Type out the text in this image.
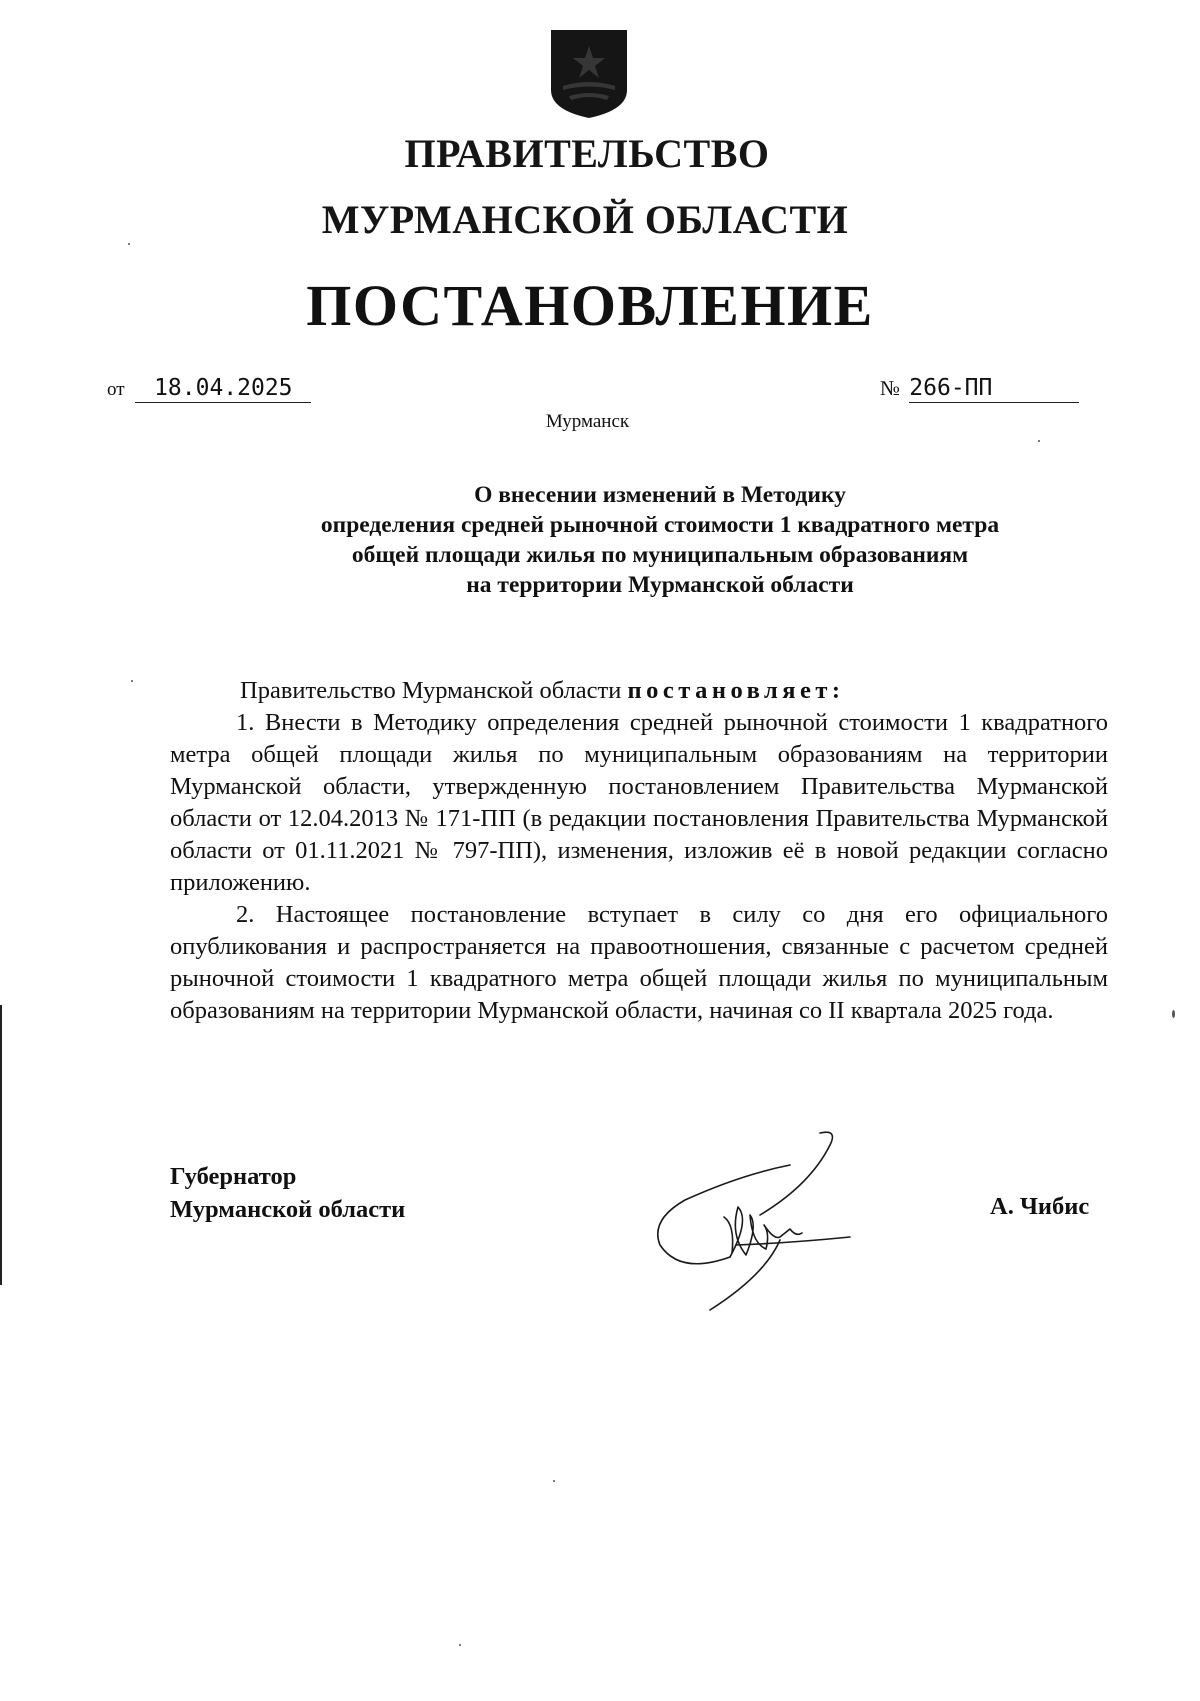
ПРАВИТЕЛЬСТВО
МУРМАНСКОЙ ОБЛАСТИ
ПОСТАНОВЛЕНИЕ
от 18.04.2025	№ 266-ПП
Мурманск
О внесении изменений в Методику
определения средней рыночной стоимости 1 квадратного метра
общей площади жилья по муниципальным образованиям
на территории Мурманской области
Правительство Мурманской области постановляет:
1. Внести в Методику определения средней рыночной стоимости 1 квадратного метра общей площади жилья по муниципальным образованиям на территории Мурманской области, утвержденную постановлением Правительства Мурманской области от 12.04.2013 № 171-ПП (в редакции постановления Правительства Мурманской области от 01.11.2021 № 797-ПП), изменения, изложив её в новой редакции согласно приложению.
2. Настоящее постановление вступает в силу со дня его официального опубликования и распространяется на правоотношения, связанные с расчетом средней рыночной стоимости 1 квадратного метра общей площади жилья по муниципальным образованиям на территории Мурманской области, начиная со II квартала 2025 года.
Губернатор
Мурманской области	А. Чибис
